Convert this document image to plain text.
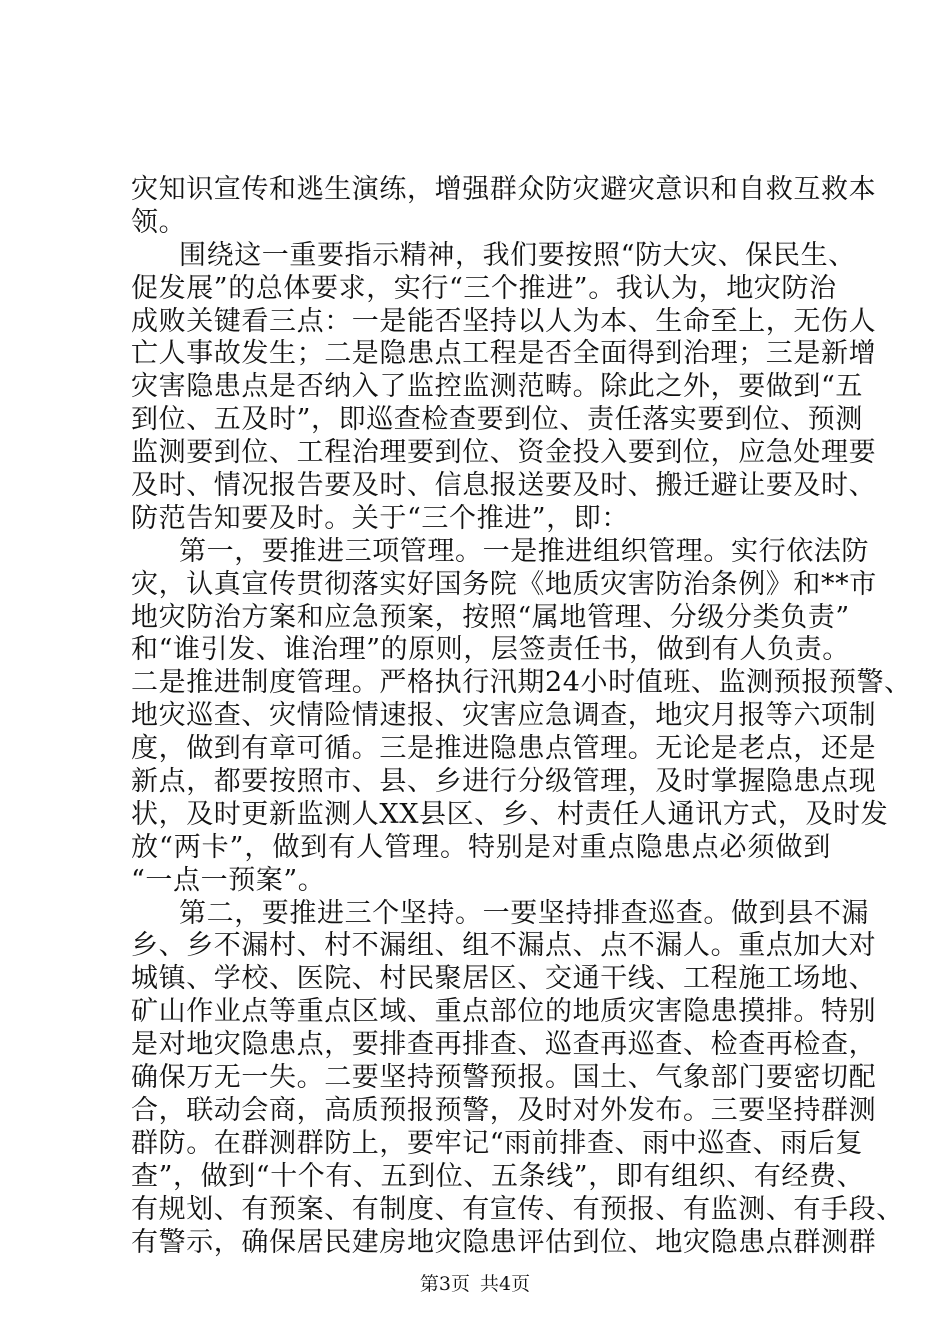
灾知识宣传和逃生演练，增强群众防灾避灾意识和自救互救本
领。
围绕这一重要指示精神，我们要按照“防大灾、保民生、
促发展”的总体要求，实行“三个推进”。我认为，地灾防治
成败关键看三点：一是能否坚持以人为本、生命至上，无伤人
亡人事故发生；二是隐患点工程是否全面得到治理；三是新增
灾害隐患点是否纳入了监控监测范畴。除此之外，要做到“五
到位、五及时”，即巡查检查要到位、责任落实要到位、预测
监测要到位、工程治理要到位、资金投入要到位，应急处理要
及时、情况报告要及时、信息报送要及时、搬迁避让要及时、
防范告知要及时。关于“三个推进”，即：
第一，要推进三项管理。一是推进组织管理。实行依法防
灾，认真宣传贯彻落实好国务院《地质灾害防治条例》和**市
地灾防治方案和应急预案，按照“属地管理、分级分类负责”
和“谁引发、谁治理”的原则，层签责任书，做到有人负责。
二是推进制度管理。严格执行汛期24小时值班、监测预报预警、
地灾巡查、灾情险情速报、灾害应急调查，地灾月报等六项制
度，做到有章可循。三是推进隐患点管理。无论是老点，还是
新点，都要按照市、县、乡进行分级管理，及时掌握隐患点现
状，及时更新监测人XX县区、乡、村责任人通讯方式，及时发
放“两卡”，做到有人管理。特别是对重点隐患点必须做到
“一点一预案”。
第二，要推进三个坚持。一要坚持排查巡查。做到县不漏
乡、乡不漏村、村不漏组、组不漏点、点不漏人。重点加大对
城镇、学校、医院、村民聚居区、交通干线、工程施工场地、
矿山作业点等重点区域、重点部位的地质灾害隐患摸排。特别
是对地灾隐患点，要排查再排查、巡查再巡查、检查再检查，
确保万无一失。二要坚持预警预报。国土、气象部门要密切配
合，联动会商，高质预报预警，及时对外发布。三要坚持群测
群防。在群测群防上，要牢记“雨前排查、雨中巡查、雨后复
查”，做到“十个有、五到位、五条线”，即有组织、有经费、
有规划、有预案、有制度、有宣传、有预报、有监测、有手段、
有警示，确保居民建房地灾隐患评估到位、地灾隐患点群测群
第3页 共4页
